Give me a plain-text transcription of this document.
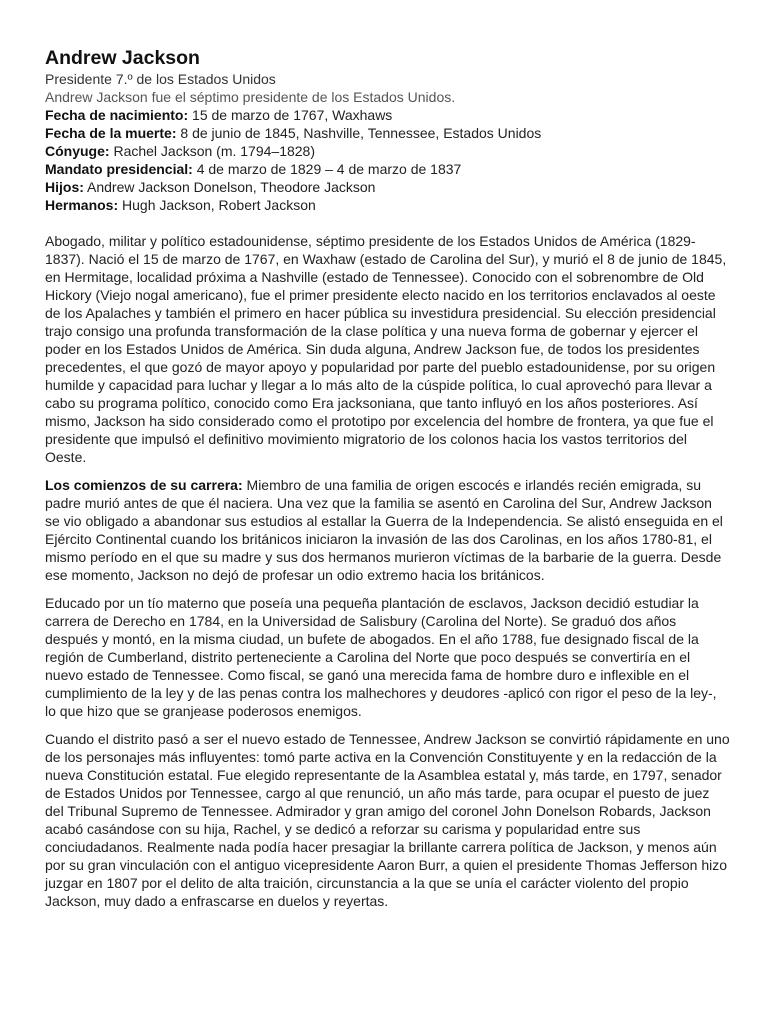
Andrew Jackson
Presidente 7.º de los Estados Unidos
Andrew Jackson fue el séptimo presidente de los Estados Unidos.
Fecha de nacimiento: 15 de marzo de 1767, Waxhaws
Fecha de la muerte: 8 de junio de 1845, Nashville, Tennessee, Estados Unidos
Cónyuge: Rachel Jackson (m. 1794–1828)
Mandato presidencial: 4 de marzo de 1829 – 4 de marzo de 1837
Hijos: Andrew Jackson Donelson, Theodore Jackson
Hermanos: Hugh Jackson, Robert Jackson

Abogado, militar y político estadounidense, séptimo presidente de los Estados Unidos de América (1829-1837). Nació el 15 de marzo de 1767, en Waxhaw (estado de Carolina del Sur), y murió el 8 de junio de 1845, en Hermitage, localidad próxima a Nashville (estado de Tennessee). Conocido con el sobrenombre de Old Hickory (Viejo nogal americano), fue el primer presidente electo nacido en los territorios enclavados al oeste de los Apalaches y también el primero en hacer pública su investidura presidencial. Su elección presidencial trajo consigo una profunda transformación de la clase política y una nueva forma de gobernar y ejercer el poder en los Estados Unidos de América. Sin duda alguna, Andrew Jackson fue, de todos los presidentes precedentes, el que gozó de mayor apoyo y popularidad por parte del pueblo estadounidense, por su origen humilde y capacidad para luchar y llegar a lo más alto de la cúspide política, lo cual aprovechó para llevar a cabo su programa político, conocido como Era jacksoniana, que tanto influyó en los años posteriores. Así mismo, Jackson ha sido considerado como el prototipo por excelencia del hombre de frontera, ya que fue el presidente que impulsó el definitivo movimiento migratorio de los colonos hacia los vastos territorios del Oeste.

Los comienzos de su carrera: Miembro de una familia de origen escocés e irlandés recién emigrada, su padre murió antes de que él naciera. Una vez que la familia se asentó en Carolina del Sur, Andrew Jackson se vio obligado a abandonar sus estudios al estallar la Guerra de la Independencia. Se alistó enseguida en el Ejército Continental cuando los británicos iniciaron la invasión de las dos Carolinas, en los años 1780-81, el mismo período en el que su madre y sus dos hermanos murieron víctimas de la barbarie de la guerra. Desde ese momento, Jackson no dejó de profesar un odio extremo hacia los británicos.

Educado por un tío materno que poseía una pequeña plantación de esclavos, Jackson decidió estudiar la carrera de Derecho en 1784, en la Universidad de Salisbury (Carolina del Norte). Se graduó dos años después y montó, en la misma ciudad, un bufete de abogados. En el año 1788, fue designado fiscal de la región de Cumberland, distrito perteneciente a Carolina del Norte que poco después se convertiría en el nuevo estado de Tennessee. Como fiscal, se ganó una merecida fama de hombre duro e inflexible en el cumplimiento de la ley y de las penas contra los malhechores y deudores -aplicó con rigor el peso de la ley-, lo que hizo que se granjease poderosos enemigos.

Cuando el distrito pasó a ser el nuevo estado de Tennessee, Andrew Jackson se convirtió rápidamente en uno de los personajes más influyentes: tomó parte activa en la Convención Constituyente y en la redacción de la nueva Constitución estatal. Fue elegido representante de la Asamblea estatal y, más tarde, en 1797, senador de Estados Unidos por Tennessee, cargo al que renunció, un año más tarde, para ocupar el puesto de juez del Tribunal Supremo de Tennessee. Admirador y gran amigo del coronel John Donelson Robards, Jackson acabó casándose con su hija, Rachel, y se dedicó a reforzar su carisma y popularidad entre sus conciudadanos. Realmente nada podía hacer presagiar la brillante carrera política de Jackson, y menos aún por su gran vinculación con el antiguo vicepresidente Aaron Burr, a quien el presidente Thomas Jefferson hizo juzgar en 1807 por el delito de alta traición, circunstancia a la que se unía el carácter violento del propio Jackson, muy dado a enfrascarse en duelos y reyertas.
